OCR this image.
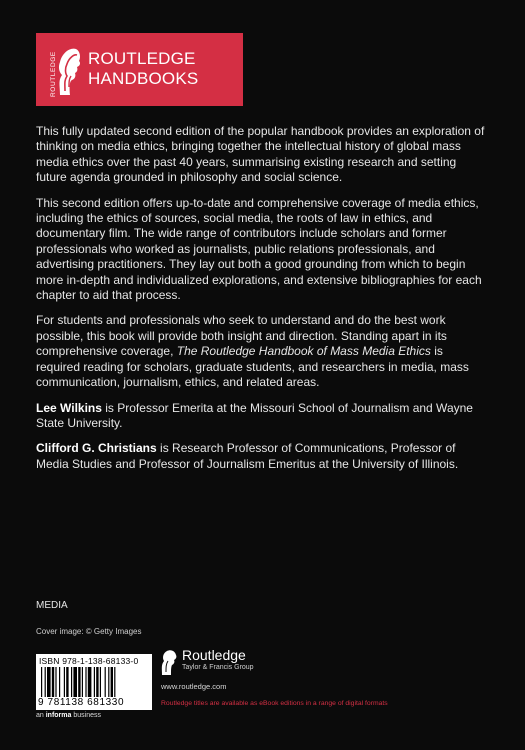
ROUTLEDGE ROUTLEDGE
HANDBOOKS

This fully updated second edition of the popular handbook provides an exploration of thinking on media ethics, bringing together the intellectual history of global mass media ethics over the past 40 years, summarising existing research and setting future agenda grounded in philosophy and social science.

This second edition offers up-to-date and comprehensive coverage of media ethics, including the ethics of sources, social media, the roots of law in ethics, and documentary film. The wide range of contributors include scholars and former professionals who worked as journalists, public relations professionals, and advertising practitioners. They lay out both a good grounding from which to begin more in-depth and individualized explorations, and extensive bibliographies for each chapter to aid that process.

For students and professionals who seek to understand and do the best work possible, this book will provide both insight and direction. Standing apart in its comprehensive coverage, The Routledge Handbook of Mass Media Ethics is required reading for scholars, graduate students, and researchers in media, mass communication, journalism, ethics, and related areas.

Lee Wilkins is Professor Emerita at the Missouri School of Journalism and Wayne State University.

Clifford G. Christians is Research Professor of Communications, Professor of Media Studies and Professor of Journalism Emeritus at the University of Illinois.

MEDIA
Cover image: © Getty Images
ISBN 978-1-138-68133-0
9 781138 681330
an informa business
Routledge
Taylor & Francis Group
www.routledge.com
Routledge titles are available as eBook editions in a range of digital formats
